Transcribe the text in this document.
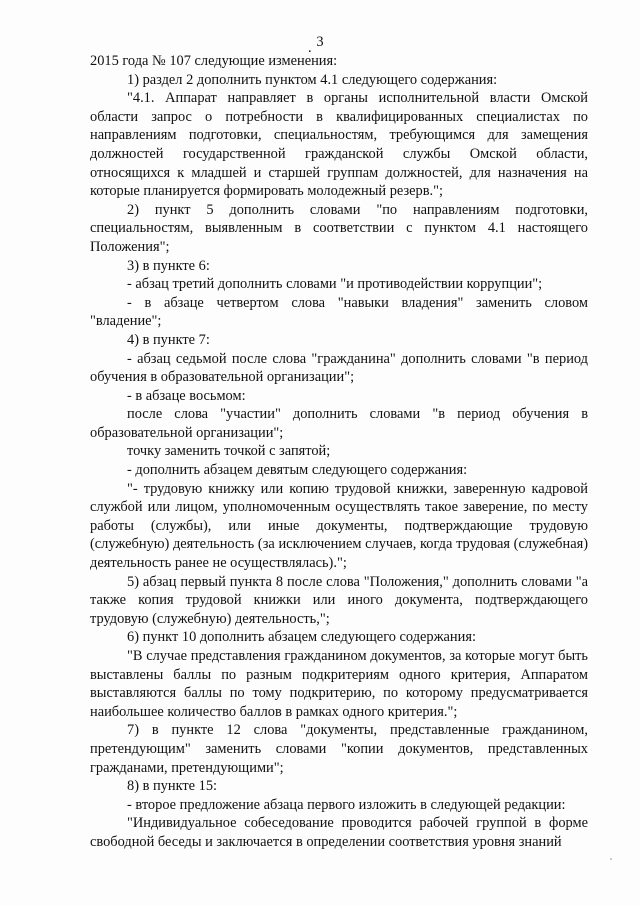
. 3

2015 года № 107 следующие изменения:

1) раздел 2 дополнить пунктом 4.1 следующего содержания:

"4.1. Аппарат направляет в органы исполнительной власти Омской области запрос о потребности в квалифицированных специалистах по направлениям подготовки, специальностям, требующимся для замещения должностей государственной гражданской службы Омской области, относящихся к младшей и старшей группам должностей, для назначения на которые планируется формировать молодежный резерв.";

2) пункт 5 дополнить словами "по направлениям подготовки, специальностям, выявленным в соответствии с пунктом 4.1 настоящего Положения";

3) в пункте 6:

- абзац третий дополнить словами "и противодействии коррупции";

- в абзаце четвертом слова "навыки владения" заменить словом "владение";

4) в пункте 7:

- абзац седьмой после слова "гражданина" дополнить словами "в период обучения в образовательной организации";

- в абзаце восьмом:

после слова "участии" дополнить словами "в период обучения в образовательной организации";

точку заменить точкой с запятой;

- дополнить абзацем девятым следующего содержания:

"- трудовую книжку или копию трудовой книжки, заверенную кадровой службой или лицом, уполномоченным осуществлять такое заверение, по месту работы (службы), или иные документы, подтверждающие трудовую (служебную) деятельность (за исключением случаев, когда трудовая (служебная) деятельность ранее не осуществлялась).";

5) абзац первый пункта 8 после слова "Положения," дополнить словами "а также копия трудовой книжки или иного документа, подтверждающего трудовую (служебную) деятельность,";

6) пункт 10 дополнить абзацем следующего содержания:

"В случае представления гражданином документов, за которые могут быть выставлены баллы по разным подкритериям одного критерия, Аппаратом выставляются баллы по тому подкритерию, по которому предусматривается наибольшее количество баллов в рамках одного критерия.";

7) в пункте 12 слова "документы, представленные гражданином, претендующим" заменить словами "копии документов, представленных гражданами, претендующими";

8) в пункте 15:

- второе предложение абзаца первого изложить в следующей редакции:

"Индивидуальное собеседование проводится рабочей группой в форме свободной беседы и заключается в определении соответствия уровня знаний
